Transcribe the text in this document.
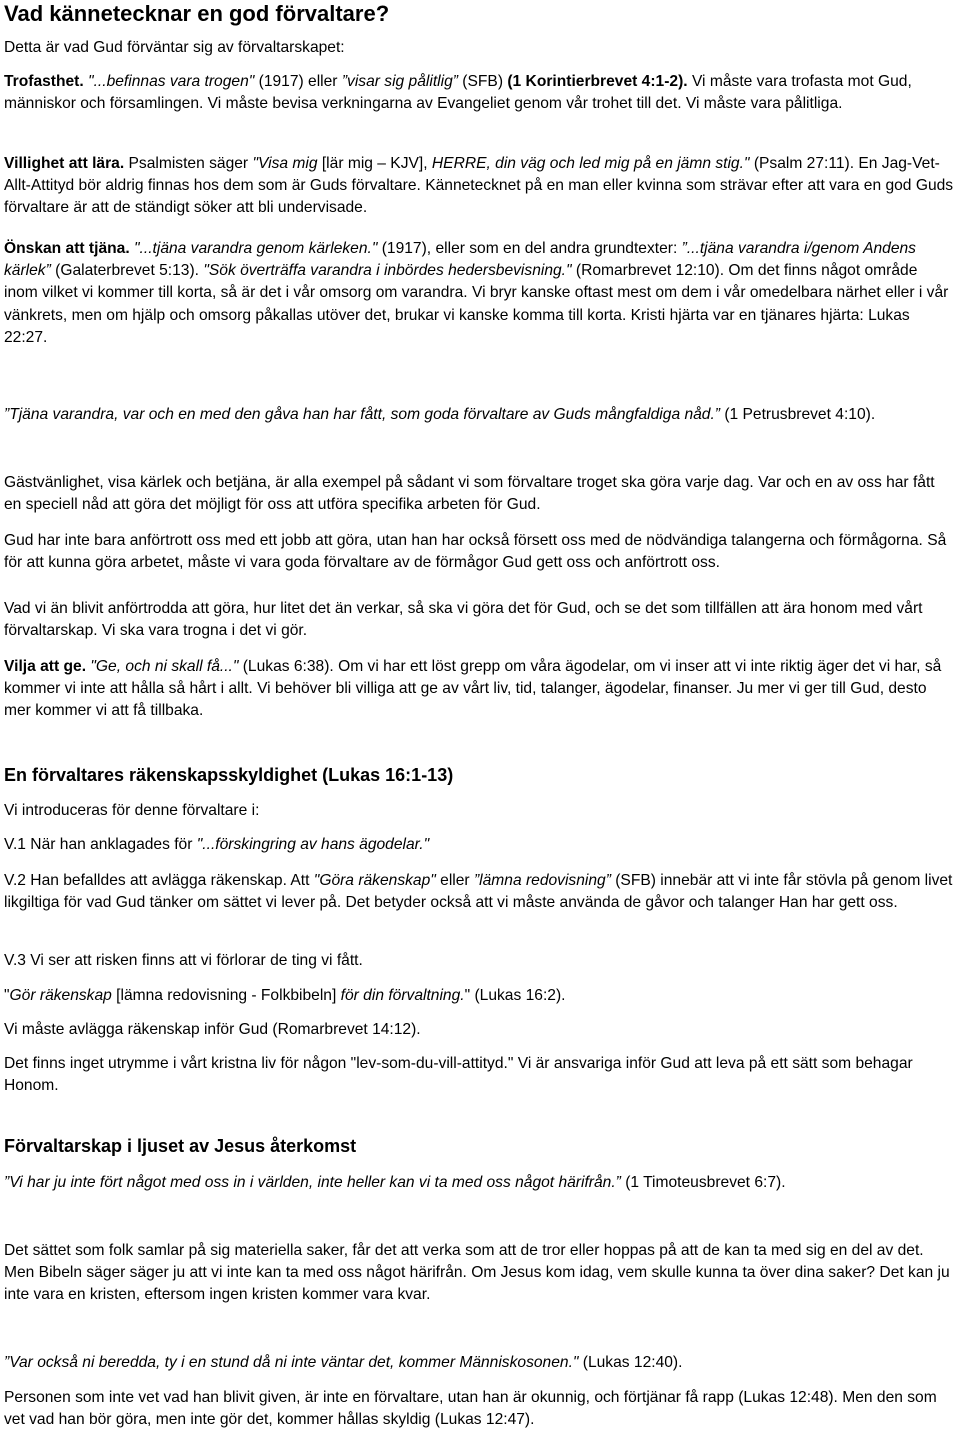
Vad kännetecknar en god förvaltare?

Detta är vad Gud förväntar sig av förvaltarskapet:

Trofasthet. "...befinnas vara trogen" (1917) eller ”visar sig pålitlig” (SFB) (1 Korintierbrevet 4:1-2). Vi måste vara trofasta mot Gud, människor och församlingen. Vi måste bevisa verkningarna av Evangeliet genom vår trohet till det. Vi måste vara pålitliga.

Villighet att lära. Psalmisten säger "Visa mig [lär mig – KJV], HERRE, din väg och led mig på en jämn stig." (Psalm 27:11). En Jag-Vet-Allt-Attityd bör aldrig finnas hos dem som är Guds förvaltare. Kännetecknet på en man eller kvinna som strävar efter att vara en god Guds förvaltare är att de ständigt söker att bli undervisade.

Önskan att tjäna. "...tjäna varandra genom kärleken." (1917), eller som en del andra grundtexter: ”...tjäna varandra i/genom Andens kärlek” (Galaterbrevet 5:13). "Sök överträffa varandra i inbördes hedersbevisning." (Romarbrevet 12:10). Om det finns något område inom vilket vi kommer till korta, så är det i vår omsorg om varandra. Vi bryr kanske oftast mest om dem i vår omedelbara närhet eller i vår vänkrets, men om hjälp och omsorg påkallas utöver det, brukar vi kanske komma till korta. Kristi hjärta var en tjänares hjärta: Lukas 22:27.

”Tjäna varandra, var och en med den gåva han har fått, som goda förvaltare av Guds mångfaldiga nåd.” (1 Petrusbrevet 4:10).

Gästvänlighet, visa kärlek och betjäna, är alla exempel på sådant vi som förvaltare troget ska göra varje dag. Var och en av oss har fått en speciell nåd att göra det möjligt för oss att utföra specifika arbeten för Gud.

Gud har inte bara anförtrott oss med ett jobb att göra, utan han har också försett oss med de nödvändiga talangerna och förmågorna. Så för att kunna göra arbetet, måste vi vara goda förvaltare av de förmågor Gud gett oss och anförtrott oss.

Vad vi än blivit anförtrodda att göra, hur litet det än verkar, så ska vi göra det för Gud, och se det som tillfällen att ära honom med vårt förvaltarskap. Vi ska vara trogna i det vi gör.

Vilja att ge. "Ge, och ni skall få..." (Lukas 6:38). Om vi har ett löst grepp om våra ägodelar, om vi inser att vi inte riktig äger det vi har, så kommer vi inte att hålla så hårt i allt. Vi behöver bli villiga att ge av vårt liv, tid, talanger, ägodelar, finanser. Ju mer vi ger till Gud, desto mer kommer vi att få tillbaka.

En förvaltares räkenskapsskyldighet (Lukas 16:1-13)

Vi introduceras för denne förvaltare i:

V.1 När han anklagades för "...förskingring av hans ägodelar."

V.2 Han befalldes att avlägga räkenskap. Att "Göra räkenskap" eller ”lämna redovisning” (SFB) innebär att vi inte får stövla på genom livet likgiltiga för vad Gud tänker om sättet vi lever på. Det betyder också att vi måste använda de gåvor och talanger Han har gett oss.

V.3 Vi ser att risken finns att vi förlorar de ting vi fått.

"Gör räkenskap [lämna redovisning - Folkbibeln] för din förvaltning." (Lukas 16:2).

Vi måste avlägga räkenskap inför Gud (Romarbrevet 14:12).

Det finns inget utrymme i vårt kristna liv för någon "lev-som-du-vill-attityd." Vi är ansvariga inför Gud att leva på ett sätt som behagar Honom.

Förvaltarskap i ljuset av Jesus återkomst

”Vi har ju inte fört något med oss in i världen, inte heller kan vi ta med oss något härifrån.” (1 Timoteusbrevet 6:7).

Det sättet som folk samlar på sig materiella saker, får det att verka som att de tror eller hoppas på att de kan ta med sig en del av det. Men Bibeln säger säger ju att vi inte kan ta med oss något härifrån. Om Jesus kom idag, vem skulle kunna ta över dina saker? Det kan ju inte vara en kristen, eftersom ingen kristen kommer vara kvar.

”Var också ni beredda, ty i en stund då ni inte väntar det, kommer Människosonen." (Lukas 12:40).

Personen som inte vet vad han blivit given, är inte en förvaltare, utan han är okunnig, och förtjänar få rapp (Lukas 12:48). Men den som vet vad han bör göra, men inte gör det, kommer hållas skyldig (Lukas 12:47).
